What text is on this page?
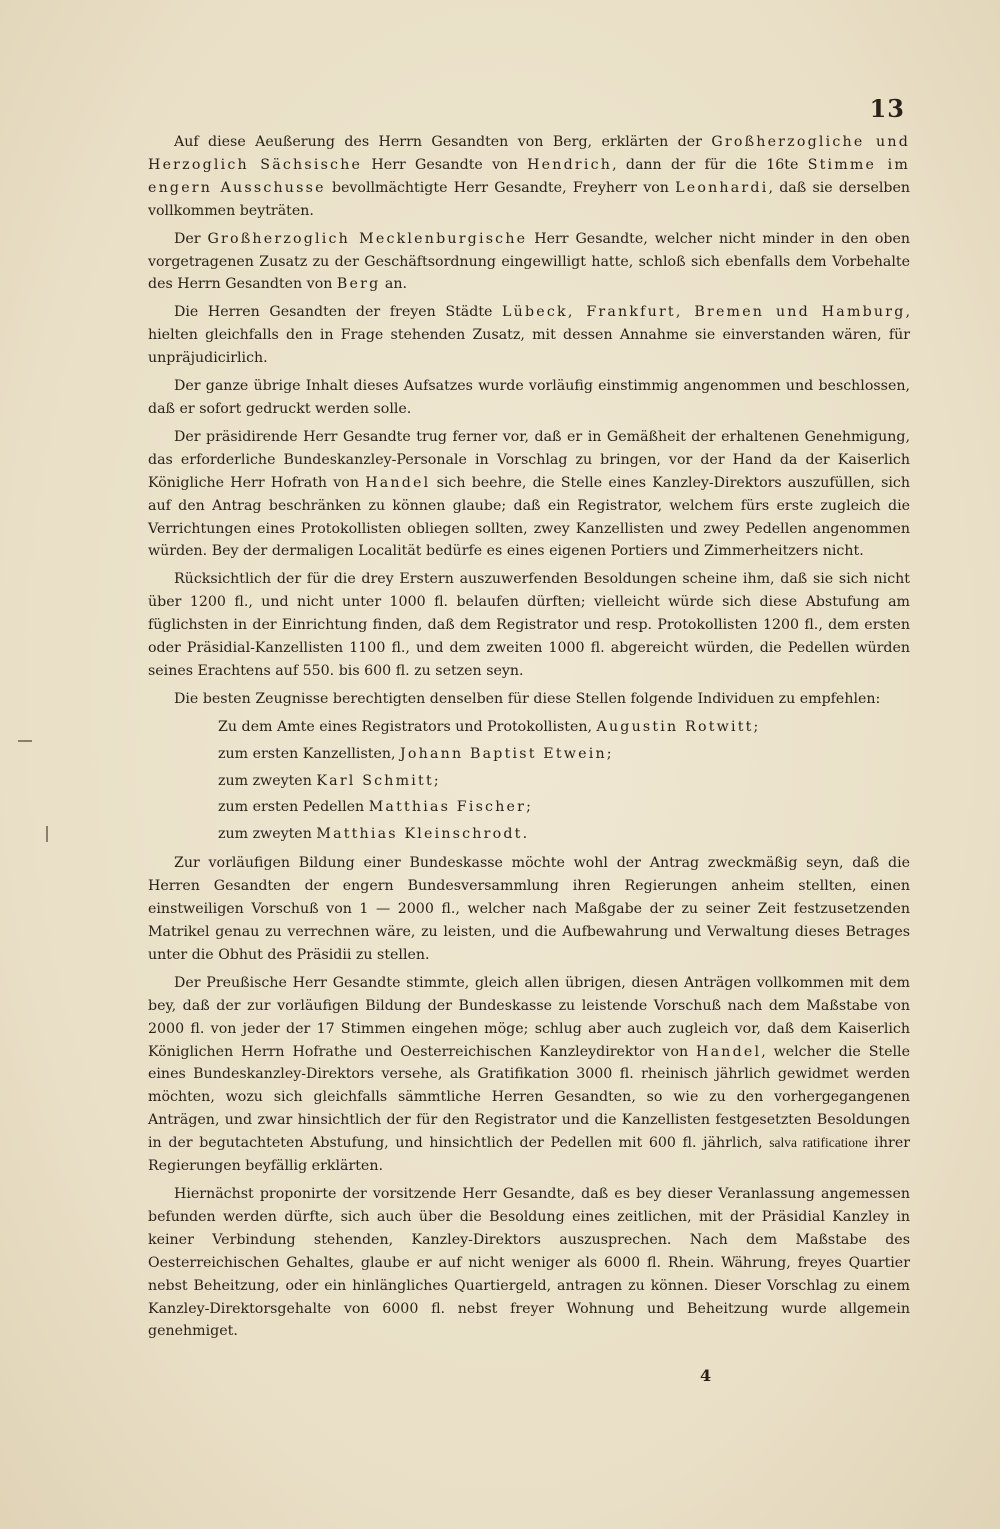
13

Auf diese Aeußerung des Herrn Gesandten von Berg, erklärten der Großherzogliche und Herzoglich Sächsische Herr Gesandte von Hendrich, dann der für die 16te Stimme im engern Ausschusse bevollmächtigte Herr Gesandte, Freyherr von Leonhardi, daß sie derselben vollkommen beyträten.

Der Großherzoglich Mecklenburgische Herr Gesandte, welcher nicht minder in den oben vorgetragenen Zusatz zu der Geschäftsordnung eingewilligt hatte, schloß sich ebenfalls dem Vorbehalte des Herrn Gesandten von Berg an.

Die Herren Gesandten der freyen Städte Lübeck, Frankfurt, Bremen und Hamburg, hielten gleichfalls den in Frage stehenden Zusatz, mit dessen Annahme sie einverstanden wären, für unpräjudicirlich.

Der ganze übrige Inhalt dieses Aufsatzes wurde vorläufig einstimmig angenommen und beschlossen, daß er sofort gedruckt werden solle.

Der präsidirende Herr Gesandte trug ferner vor, daß er in Gemäßheit der erhaltenen Genehmigung, das erforderliche Bundeskanzley-Personale in Vorschlag zu bringen, vor der Hand da der Kaiserlich Königliche Herr Hofrath von Handel sich beehre, die Stelle eines Kanzley-Direktors auszufüllen, sich auf den Antrag beschränken zu können glaube; daß ein Registrator, welchem fürs erste zugleich die Verrichtungen eines Protokollisten obliegen sollten, zwey Kanzellisten und zwey Pedellen angenommen würden. Bey der dermaligen Localität bedürfe es eines eigenen Portiers und Zimmerheitzers nicht.

Rücksichtlich der für die drey Erstern auszuwerfenden Besoldungen scheine ihm, daß sie sich nicht über 1200 fl., und nicht unter 1000 fl. belaufen dürften; vielleicht würde sich diese Abstufung am füglichsten in der Einrichtung finden, daß dem Registrator und resp. Protokollisten 1200 fl., dem ersten oder Präsidial-Kanzellisten 1100 fl., und dem zweiten 1000 fl. abgereicht würden, die Pedellen würden seines Erachtens auf 550. bis 600 fl. zu setzen seyn.

Die besten Zeugnisse berechtigten denselben für diese Stellen folgende Individuen zu empfehlen:

Zu dem Amte eines Registrators und Protokollisten, Augustin Rotwitt;
zum ersten Kanzellisten, Johann Baptist Etwein;
zum zweyten Karl Schmitt;
zum ersten Pedellen Matthias Fischer;
zum zweyten Matthias Kleinschrodt.

Zur vorläufigen Bildung einer Bundeskasse möchte wohl der Antrag zweckmäßig seyn, daß die Herren Gesandten der engern Bundesversammlung ihren Regierungen anheim stellten, einen einstweiligen Vorschuß von 1 — 2000 fl., welcher nach Maßgabe der zu seiner Zeit festzusetzenden Matrikel genau zu verrechnen wäre, zu leisten, und die Aufbewahrung und Verwaltung dieses Betrages unter die Obhut des Präsidii zu stellen.

Der Preußische Herr Gesandte stimmte, gleich allen übrigen, diesen Anträgen vollkommen mit dem bey, daß der zur vorläufigen Bildung der Bundeskasse zu leistende Vorschuß nach dem Maßstabe von 2000 fl. von jeder der 17 Stimmen eingehen möge; schlug aber auch zugleich vor, daß dem Kaiserlich Königlichen Herrn Hofrathe und Oesterreichischen Kanzleydirektor von Handel, welcher die Stelle eines Bundeskanzley-Direktors versehe, als Gratifikation 3000 fl. rheinisch jährlich gewidmet werden möchten, wozu sich gleichfalls sämmtliche Herren Gesandten, so wie zu den vorhergegangenen Anträgen, und zwar hinsichtlich der für den Registrator und die Kanzellisten festgesetzten Besoldungen in der begutachteten Abstufung, und hinsichtlich der Pedellen mit 600 fl. jährlich, salva ratificatione ihrer Regierungen beyfällig erklärten.

Hiernächst proponirte der vorsitzende Herr Gesandte, daß es bey dieser Veranlassung angemessen befunden werden dürfte, sich auch über die Besoldung eines zeitlichen, mit der Präsidial Kanzley in keiner Verbindung stehenden, Kanzley-Direktors auszusprechen. Nach dem Maßstabe des Oesterreichischen Gehaltes, glaube er auf nicht weniger als 6000 fl. Rhein. Währung, freyes Quartier nebst Beheitzung, oder ein hinlängliches Quartiergeld, antragen zu können. Dieser Vorschlag zu einem Kanzley-Direktorsgehalte von 6000 fl. nebst freyer Wohnung und Beheitzung wurde allgemein genehmiget.

4
